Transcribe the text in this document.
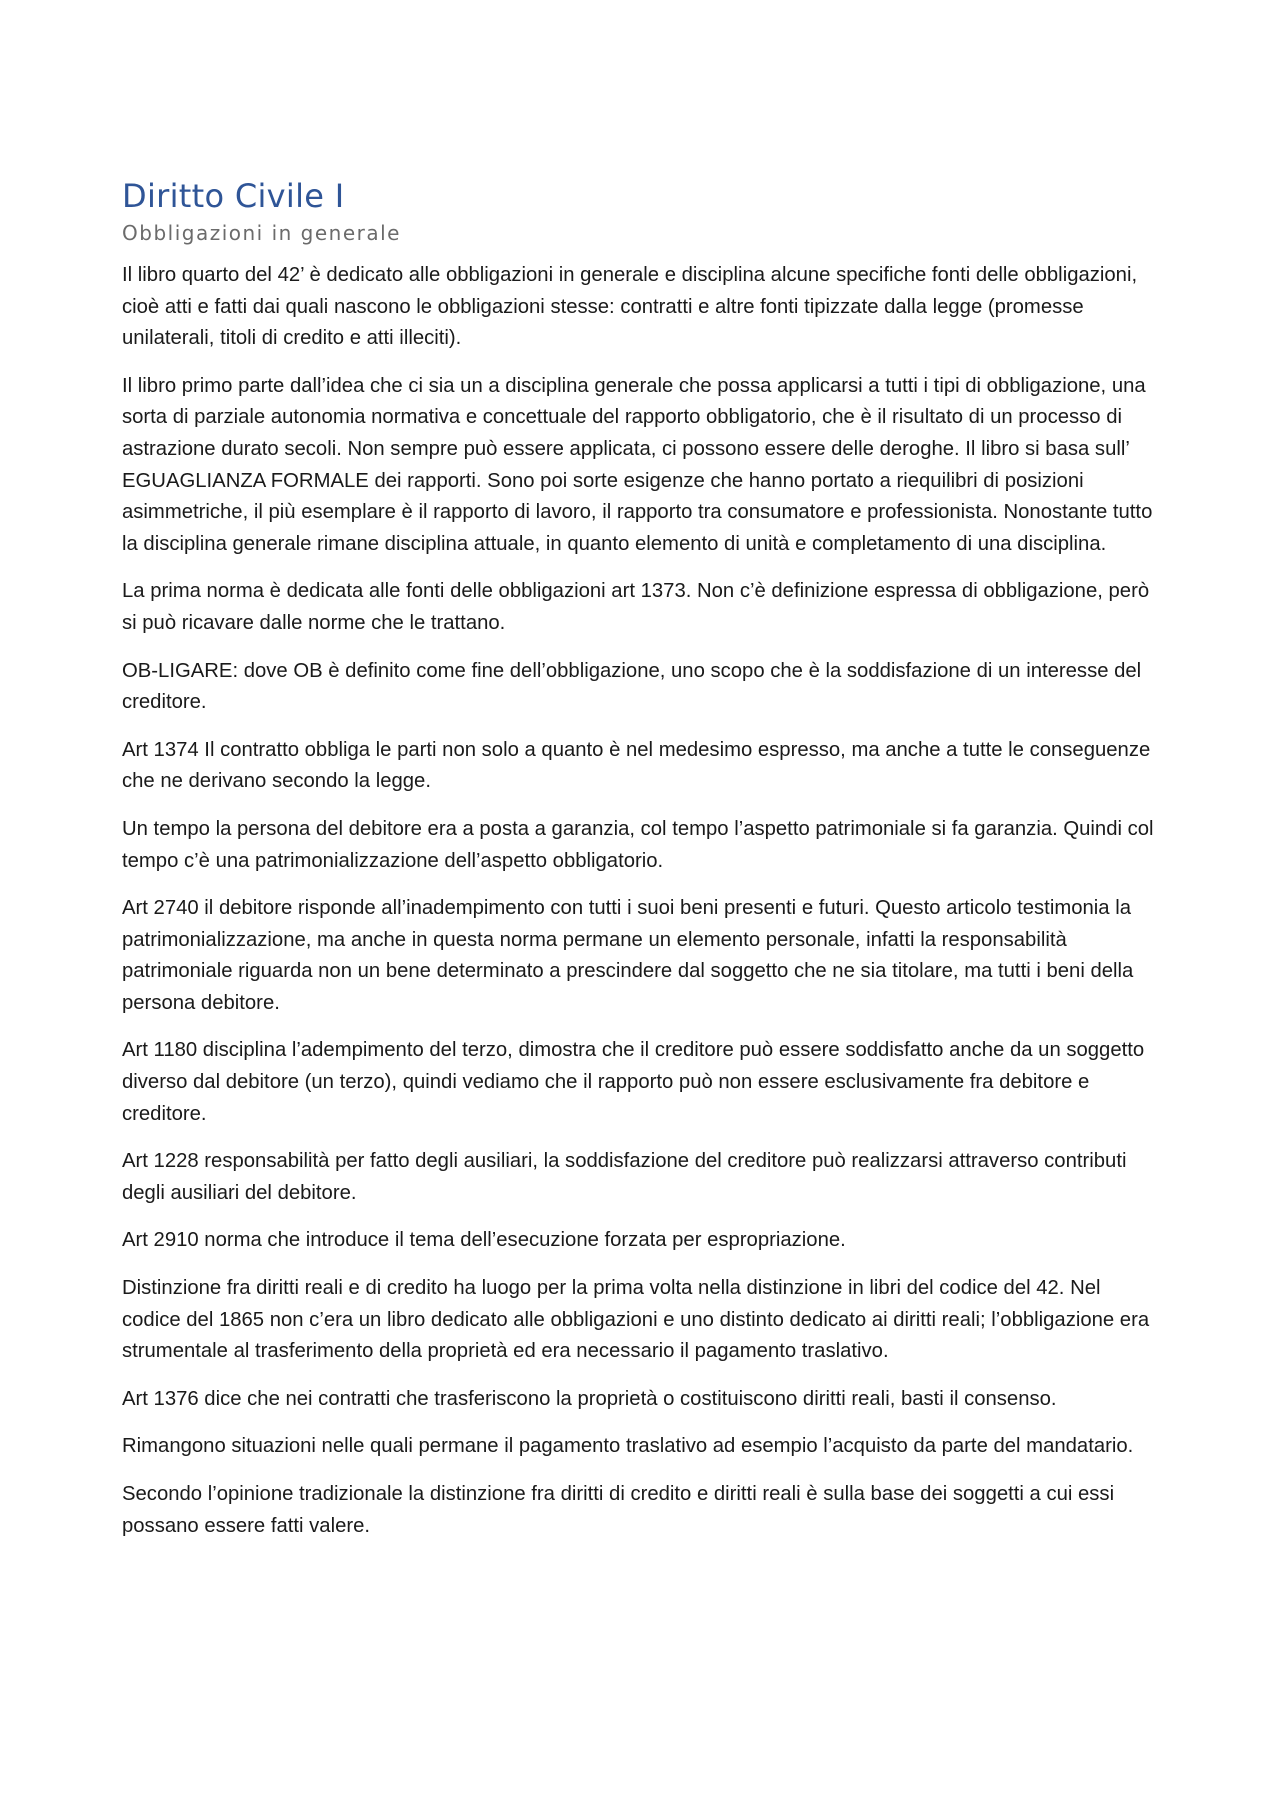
Diritto Civile I
Obbligazioni in generale

Il libro quarto del 42’ è dedicato alle obbligazioni in generale e disciplina alcune specifiche fonti delle obbligazioni, cioè atti e fatti dai quali nascono le obbligazioni stesse: contratti e altre fonti tipizzate dalla legge (promesse unilaterali, titoli di credito e atti illeciti).

Il libro primo parte dall’idea che ci sia un a disciplina generale che possa applicarsi a tutti i tipi di obbligazione, una sorta di parziale autonomia normativa e concettuale del rapporto obbligatorio, che è il risultato di un processo di astrazione durato secoli. Non sempre può essere applicata, ci possono essere delle deroghe. Il libro si basa sull’ EGUAGLIANZA FORMALE dei rapporti. Sono poi sorte esigenze che hanno portato a riequilibri di posizioni asimmetriche, il più esemplare è il rapporto di lavoro, il rapporto tra consumatore e professionista. Nonostante tutto la disciplina generale rimane disciplina attuale, in quanto elemento di unità e completamento di una disciplina.

La prima norma è dedicata alle fonti delle obbligazioni art 1373. Non c’è definizione espressa di obbligazione, però si può ricavare dalle norme che le trattano.

OB-LIGARE: dove OB è definito come fine dell’obbligazione, uno scopo che è la soddisfazione di un interesse del creditore.

Art 1374 Il contratto obbliga le parti non solo a quanto è nel medesimo espresso, ma anche a tutte le conseguenze che ne derivano secondo la legge.

Un tempo la persona del debitore era a posta a garanzia, col tempo l’aspetto patrimoniale si fa garanzia. Quindi col tempo c’è una patrimonializzazione dell’aspetto obbligatorio.

Art 2740 il debitore risponde all’inadempimento con tutti i suoi beni presenti e futuri. Questo articolo testimonia la patrimonializzazione, ma anche in questa norma permane un elemento personale, infatti la responsabilità patrimoniale riguarda non un bene determinato a prescindere dal soggetto che ne sia titolare, ma tutti i beni della persona debitore.

Art 1180 disciplina l’adempimento del terzo, dimostra che il creditore può essere soddisfatto anche da un soggetto diverso dal debitore (un terzo), quindi vediamo che il rapporto può non essere esclusivamente fra debitore e creditore.

Art 1228 responsabilità per fatto degli ausiliari, la soddisfazione del creditore può realizzarsi attraverso contributi degli ausiliari del debitore.

Art 2910 norma che introduce il tema dell’esecuzione forzata per espropriazione.

Distinzione fra diritti reali e di credito ha luogo per la prima volta nella distinzione in libri del codice del 42. Nel codice del 1865 non c’era un libro dedicato alle obbligazioni e uno distinto dedicato ai diritti reali; l’obbligazione era strumentale al trasferimento della proprietà ed era necessario il pagamento traslativo.

Art 1376 dice che nei contratti che trasferiscono la proprietà o costituiscono diritti reali, basti il consenso.

Rimangono situazioni nelle quali permane il pagamento traslativo ad esempio l’acquisto da parte del mandatario.

Secondo l’opinione tradizionale la distinzione fra diritti di credito e diritti reali è sulla base dei soggetti a cui essi possano essere fatti valere.
